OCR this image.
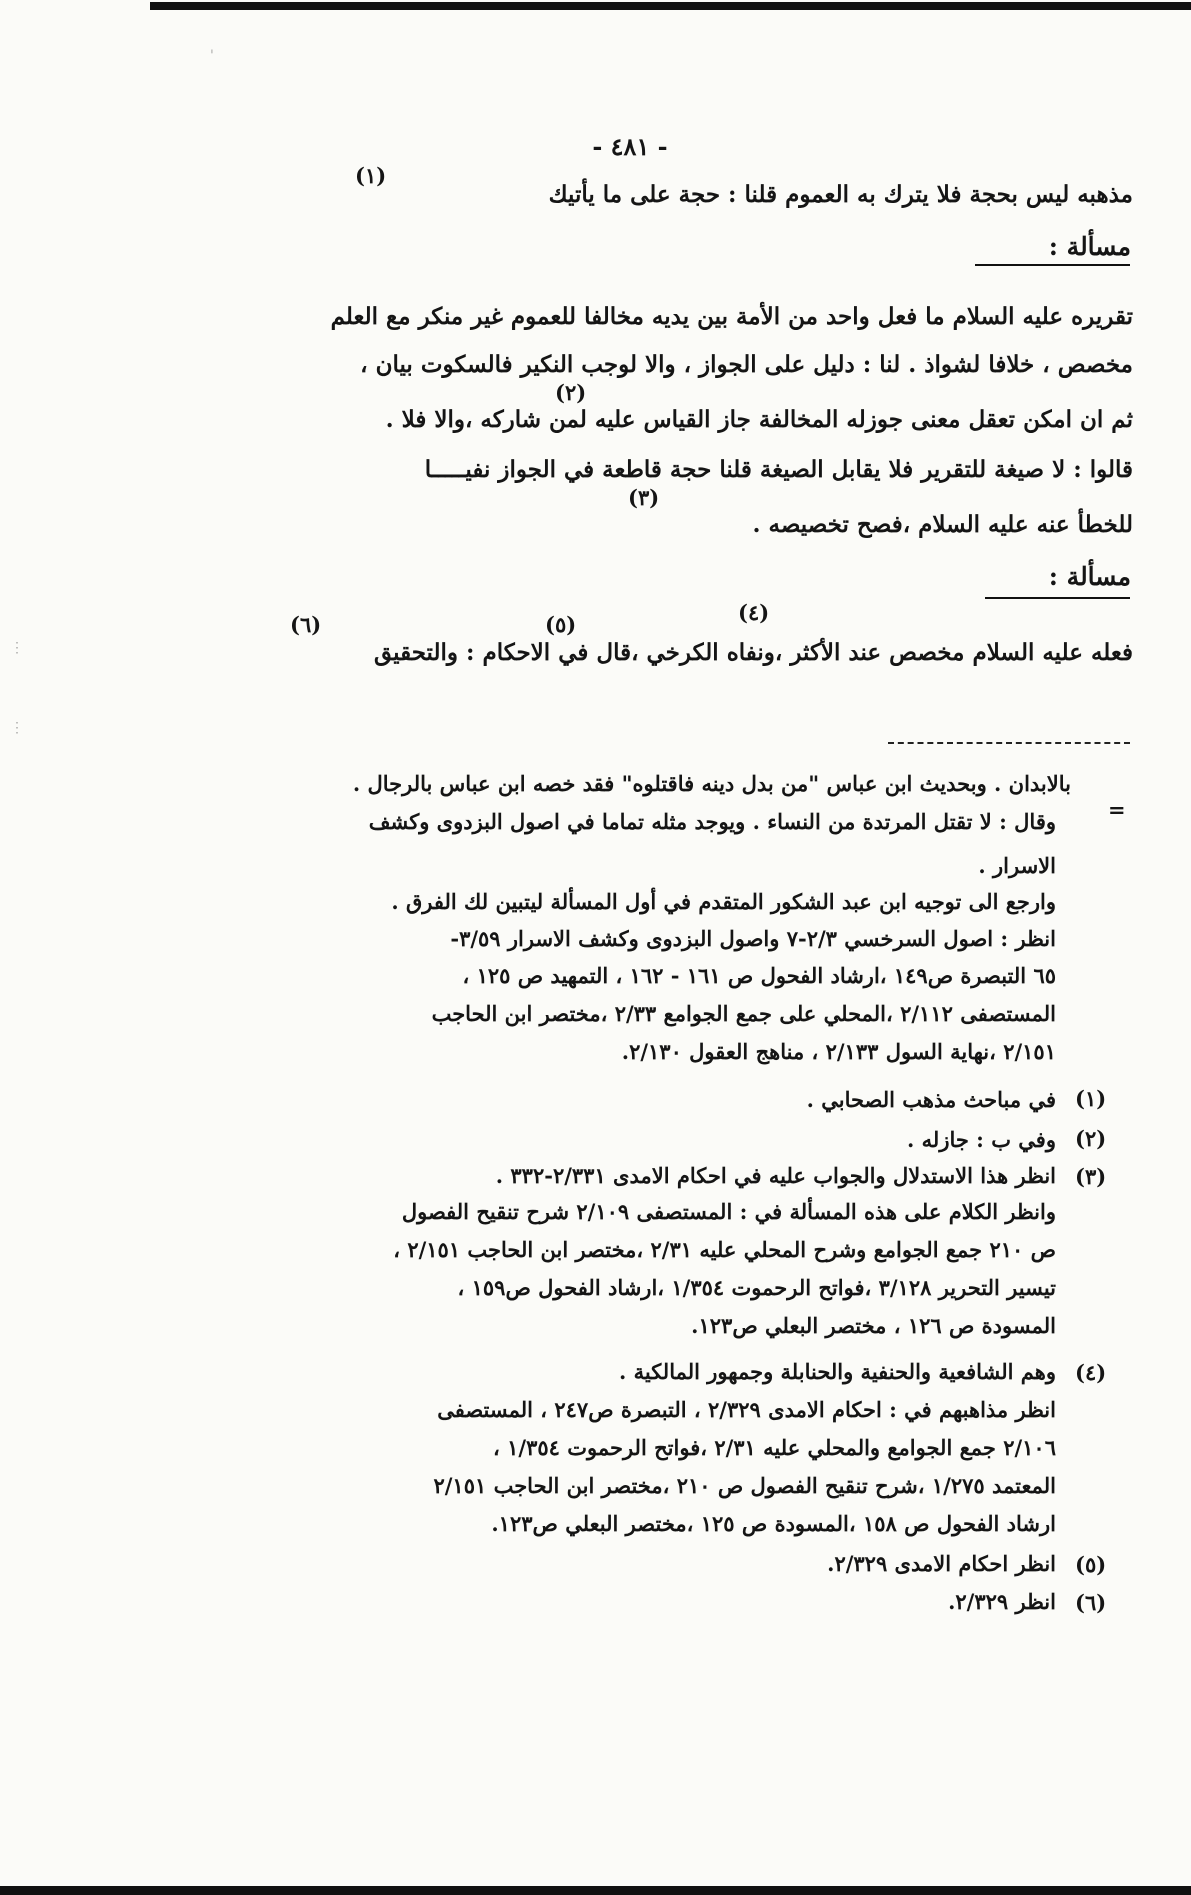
- ٤٨١ -
مذهبه ليس بحجة فلا يترك به العموم قلنا : حجة على ما يأتيك
(١)
مسألة :
تقريره عليه السلام ما فعل واحد من الأمة بين يديه مخالفا للعموم غير منكر مع العلم
مخصص ، خلافا لشواذ . لنا : دليل على الجواز ، والا لوجب النكير فالسكوت بيان ،
(٢)
ثم ان امكن تعقل معنى جوزله المخالفة جاز القياس عليه لمن شاركه ،والا فلا .
قالوا : لا صيغة للتقرير فلا يقابل الصيغة قلنا حجة قاطعة في الجواز نفيـــــا
(٣)
للخطأ عنه عليه السلام ،فصح تخصيصه .
مسألة :
(٤)
(٥)
(٦)
فعله عليه السلام مخصص عند الأكثر ،ونفاه الكرخي ،قال في الاحكام : والتحقيق
بالابدان . وبحديث ابن عباس "من بدل دينه فاقتلوه" فقد خصه ابن عباس بالرجال .
=
وقال : لا تقتل المرتدة من النساء . ويوجد مثله تماما في اصول البزدوى وكشف
الاسرار .
وارجع الى توجيه ابن عبد الشكور المتقدم في أول المسألة ليتبين لك الفرق .
انظر : اصول السرخسي ٢/٣-٧ واصول البزدوى وكشف الاسرار ٣/٥٩-
٦٥ التبصرة ص١٤٩ ،ارشاد الفحول ص ١٦١ - ١٦٢ ، التمهيد ص ١٢٥ ،
المستصفى ٢/١١٢ ،المحلي على جمع الجوامع ٢/٣٣ ،مختصر ابن الحاجب
٢/١٥١ ،نهاية السول ٢/١٣٣ ، مناهج العقول ٢/١٣٠.
(١)
في مباحث مذهب الصحابي .
(٢)
وفي ب : جازله .
(٣)
انظر هذا الاستدلال والجواب عليه في احكام الامدى ٢/٣٣١-٣٣٢ .
وانظر الكلام على هذه المسألة في : المستصفى ٢/١٠٩ شرح تنقيح الفصول
ص ٢١٠ جمع الجوامع وشرح المحلي عليه ٢/٣١ ،مختصر ابن الحاجب ٢/١٥١ ،
تيسير التحرير ٣/١٢٨ ،فواتح الرحموت ١/٣٥٤ ،ارشاد الفحول ص١٥٩ ،
المسودة ص ١٢٦ ، مختصر البعلي ص١٢٣.
(٤)
وهم الشافعية والحنفية والحنابلة وجمهور المالكية .
انظر مذاهبهم في : احكام الامدى ٢/٣٢٩ ، التبصرة ص٢٤٧ ، المستصفى
٢/١٠٦ جمع الجوامع والمحلي عليه ٢/٣١ ،فواتح الرحموت ١/٣٥٤ ،
المعتمد ١/٢٧٥ ،شرح تنقيح الفصول ص ٢١٠ ،مختصر ابن الحاجب ٢/١٥١
ارشاد الفحول ص ١٥٨ ،المسودة ص ١٢٥ ،مختصر البعلي ص١٢٣.
(٥)
انظر احكام الامدى ٢/٣٢٩.
(٦)
انظر ٢/٣٢٩.
⋮
⋮
'
